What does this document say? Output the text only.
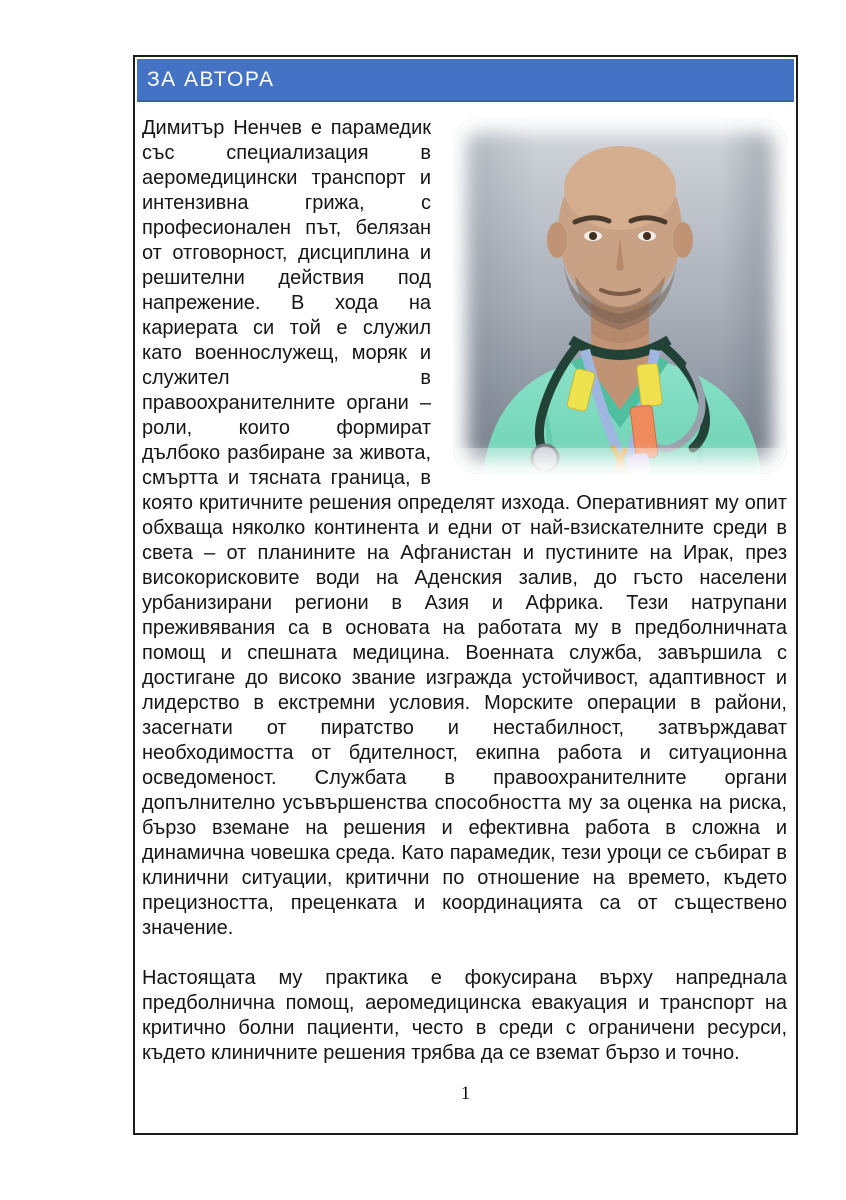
ЗА АВТОРА

Димитър Ненчев е парамедик със специализация в аеромедицински транспорт и интензивна грижа, с професионален път, белязан от отговорност, дисциплина и решителни действия под напрежение. В хода на кариерата си той е служил като военнослужещ, моряк и служител в правоохранителните органи – роли, които формират дълбоко разбиране за живота, смъртта и тясната граница, в която критичните решения определят изхода. Оперативният му опит обхваща няколко континента и едни от най-взискателните среди в света – от планините на Афганистан и пустините на Ирак, през високорисковите води на Аденския залив, до гъсто населени урбанизирани региони в Азия и Африка. Тези натрупани преживявания са в основата на работата му в предболничната помощ и спешната медицина. Военната служба, завършила с достигане до високо звание изгражда устойчивост, адаптивност и лидерство в екстремни условия. Морските операции в райони, засегнати от пиратство и нестабилност, затвърждават необходимостта от бдителност, екипна работа и ситуационна осведоменост. Службата в правоохранителните органи допълнително усъвършенства способността му за оценка на риска, бързо вземане на решения и ефективна работа в сложна и динамична човешка среда. Като парамедик, тези уроци се събират в клинични ситуации, критични по отношение на времето, където прецизността, преценката и координацията са от съществено значение.

Настоящата му практика е фокусирана върху напреднала предболнична помощ, аеромедицинска евакуация и транспорт на критично болни пациенти, често в среди с ограничени ресурси, където клиничните решения трябва да се вземат бързо и точно.

1
